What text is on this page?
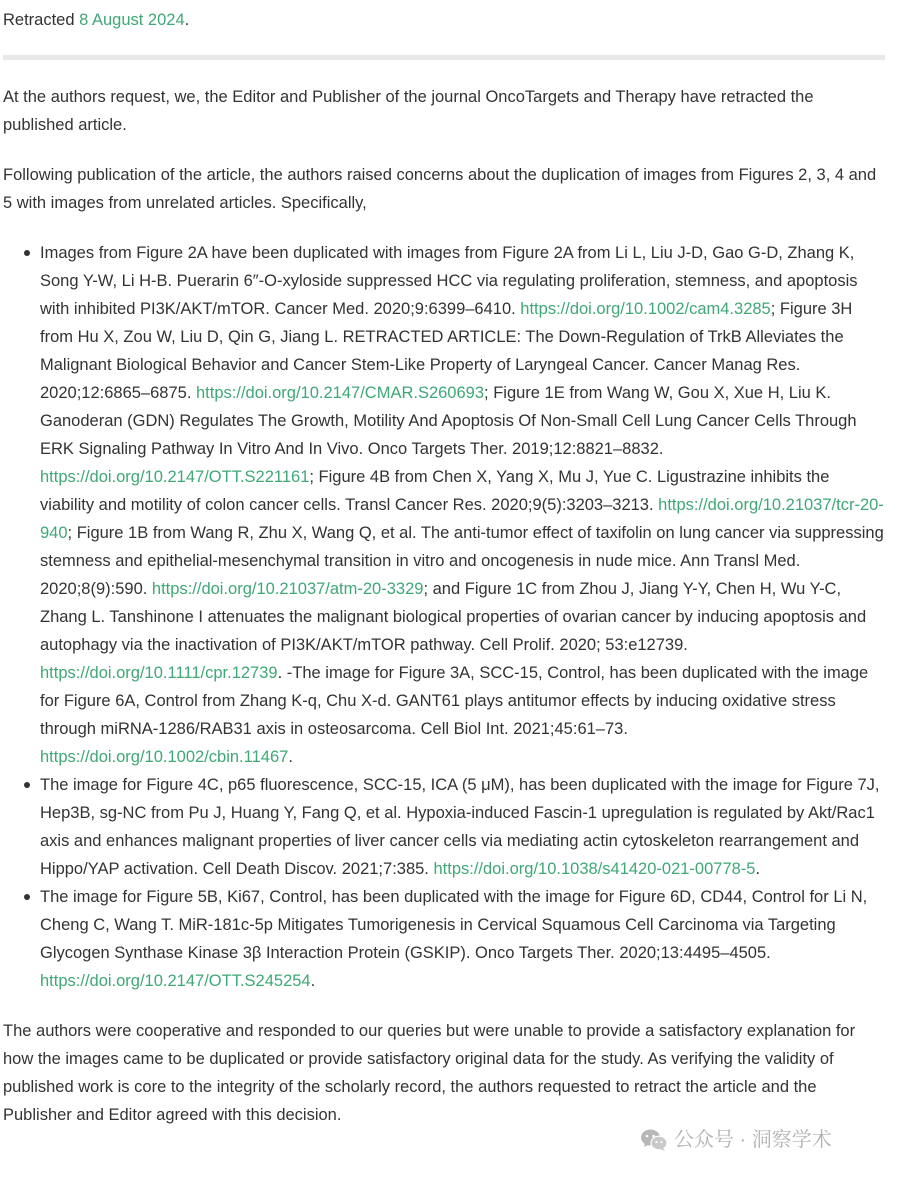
Retracted 8 August 2024.

At the authors request, we, the Editor and Publisher of the journal OncoTargets and Therapy have retracted the published article.

Following publication of the article, the authors raised concerns about the duplication of images from Figures 2, 3, 4 and 5 with images from unrelated articles. Specifically,

Images from Figure 2A have been duplicated with images from Figure 2A from Li L, Liu J-D, Gao G-D, Zhang K, Song Y-W, Li H-B. Puerarin 6″-O-xyloside suppressed HCC via regulating proliferation, stemness, and apoptosis with inhibited PI3K/AKT/mTOR. Cancer Med. 2020;9:6399–6410. https://doi.org/10.1002/cam4.3285; Figure 3H from Hu X, Zou W, Liu D, Qin G, Jiang L. RETRACTED ARTICLE: The Down-Regulation of TrkB Alleviates the Malignant Biological Behavior and Cancer Stem-Like Property of Laryngeal Cancer. Cancer Manag Res. 2020;12:6865–6875. https://doi.org/10.2147/CMAR.S260693; Figure 1E from Wang W, Gou X, Xue H, Liu K. Ganoderan (GDN) Regulates The Growth, Motility And Apoptosis Of Non-Small Cell Lung Cancer Cells Through ERK Signaling Pathway In Vitro And In Vivo. Onco Targets Ther. 2019;12:8821–8832. https://doi.org/10.2147/OTT.S221161; Figure 4B from Chen X, Yang X, Mu J, Yue C. Ligustrazine inhibits the viability and motility of colon cancer cells. Transl Cancer Res. 2020;9(5):3203–3213. https://doi.org/10.21037/tcr-20-940; Figure 1B from Wang R, Zhu X, Wang Q, et al. The anti-tumor effect of taxifolin on lung cancer via suppressing stemness and epithelial-mesenchymal transition in vitro and oncogenesis in nude mice. Ann Transl Med. 2020;8(9):590. https://doi.org/10.21037/atm-20-3329; and Figure 1C from Zhou J, Jiang Y-Y, Chen H, Wu Y-C, Zhang L. Tanshinone I attenuates the malignant biological properties of ovarian cancer by inducing apoptosis and autophagy via the inactivation of PI3K/AKT/mTOR pathway. Cell Prolif. 2020; 53:e12739. https://doi.org/10.1111/cpr.12739. -The image for Figure 3A, SCC-15, Control, has been duplicated with the image for Figure 6A, Control from Zhang K-q, Chu X-d. GANT61 plays antitumor effects by inducing oxidative stress through miRNA-1286/RAB31 axis in osteosarcoma. Cell Biol Int. 2021;45:61–73. https://doi.org/10.1002/cbin.11467.
The image for Figure 4C, p65 fluorescence, SCC-15, ICA (5 μM), has been duplicated with the image for Figure 7J, Hep3B, sg-NC from Pu J, Huang Y, Fang Q, et al. Hypoxia-induced Fascin-1 upregulation is regulated by Akt/Rac1 axis and enhances malignant properties of liver cancer cells via mediating actin cytoskeleton rearrangement and Hippo/YAP activation. Cell Death Discov. 2021;7:385. https://doi.org/10.1038/s41420-021-00778-5.
The image for Figure 5B, Ki67, Control, has been duplicated with the image for Figure 6D, CD44, Control for Li N, Cheng C, Wang T. MiR-181c-5p Mitigates Tumorigenesis in Cervical Squamous Cell Carcinoma via Targeting Glycogen Synthase Kinase 3β Interaction Protein (GSKIP). Onco Targets Ther. 2020;13:4495–4505. https://doi.org/10.2147/OTT.S245254.

The authors were cooperative and responded to our queries but were unable to provide a satisfactory explanation for how the images came to be duplicated or provide satisfactory original data for the study. As verifying the validity of published work is core to the integrity of the scholarly record, the authors requested to retract the article and the Publisher and Editor agreed with this decision.

公众号 · 洞察学术
